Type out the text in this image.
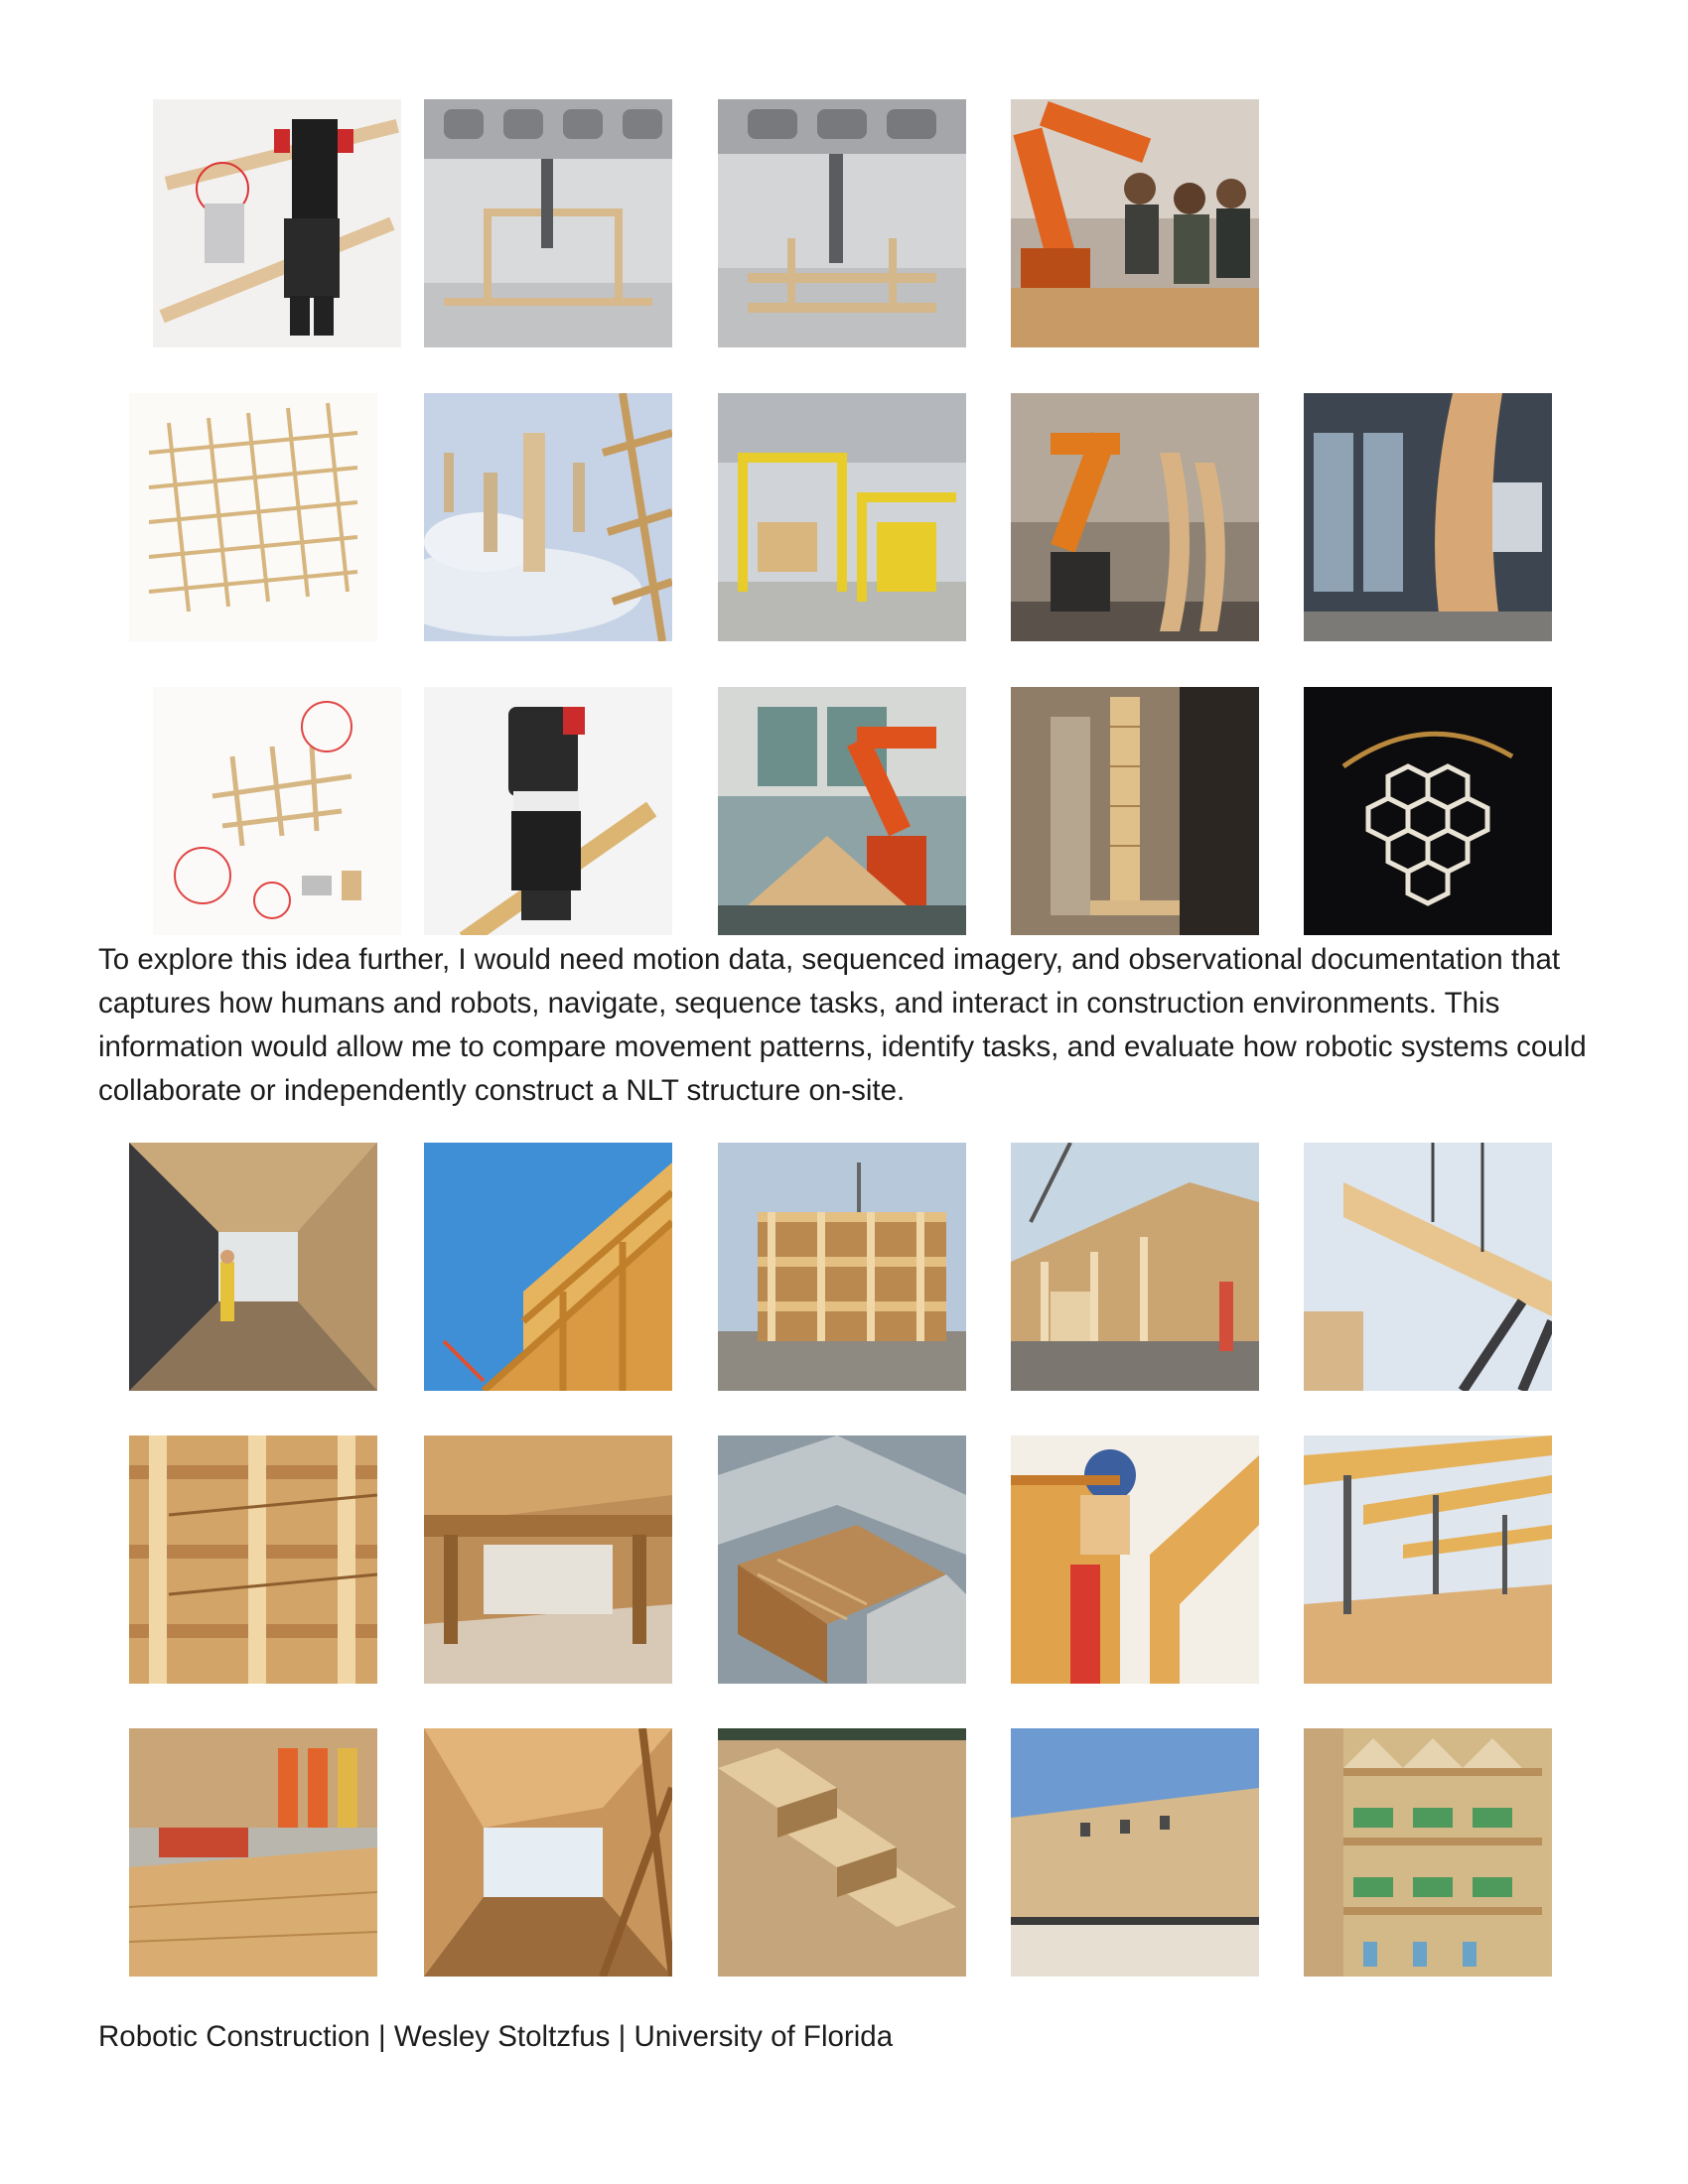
To explore this idea further, I would need motion data, sequenced imagery, and observational documentation that captures how humans and robots, navigate, sequence tasks, and interact in construction environments. This information would allow me to compare movement patterns, identify tasks, and evaluate how robotic systems could collaborate or independently construct a NLT structure on-site.

Robotic Construction | Wesley Stoltzfus | University of Florida
